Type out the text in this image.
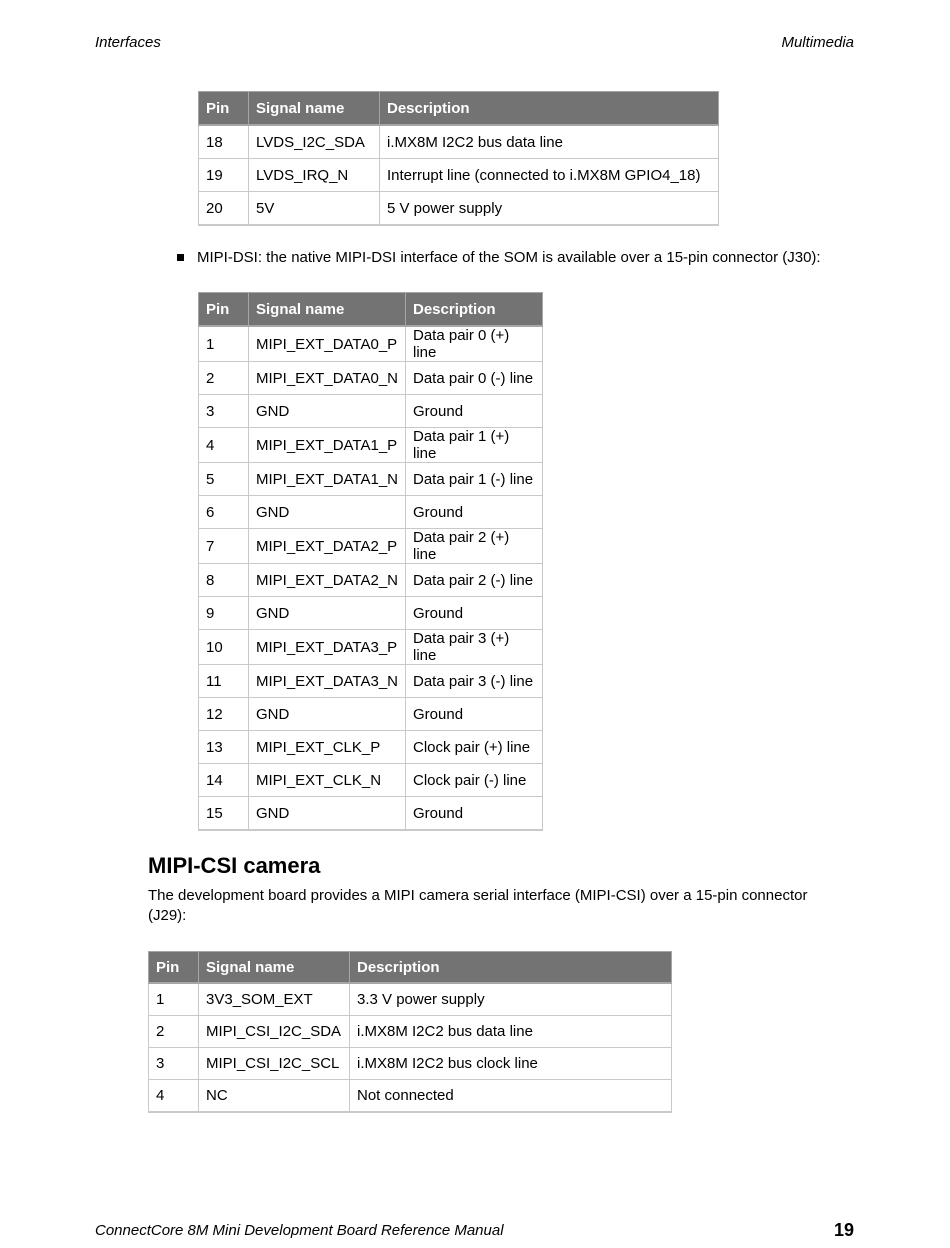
Interfaces	Multimedia
Pin	Signal name	Description
18	LVDS_I2C_SDA	i.MX8M I2C2 bus data line
19	LVDS_IRQ_N	Interrupt line (connected to i.MX8M GPIO4_18)
20	5V	5 V power supply
MIPI-DSI: the native MIPI-DSI interface of the SOM is available over a 15-pin connector (J30):
Pin	Signal name	Description
1	MIPI_EXT_DATA0_P	Data pair 0 (+) line
2	MIPI_EXT_DATA0_N	Data pair 0 (-) line
3	GND	Ground
4	MIPI_EXT_DATA1_P	Data pair 1 (+) line
5	MIPI_EXT_DATA1_N	Data pair 1 (-) line
6	GND	Ground
7	MIPI_EXT_DATA2_P	Data pair 2 (+) line
8	MIPI_EXT_DATA2_N	Data pair 2 (-) line
9	GND	Ground
10	MIPI_EXT_DATA3_P	Data pair 3 (+) line
11	MIPI_EXT_DATA3_N	Data pair 3 (-) line
12	GND	Ground
13	MIPI_EXT_CLK_P	Clock pair (+) line
14	MIPI_EXT_CLK_N	Clock pair (-) line
15	GND	Ground
MIPI-CSI camera

The development board provides a MIPI camera serial interface (MIPI-CSI) over a 15-pin connector (J29):

Pin	Signal name	Description
1	3V3_SOM_EXT	3.3 V power supply
2	MIPI_CSI_I2C_SDA	i.MX8M I2C2 bus data line
3	MIPI_CSI_I2C_SCL	i.MX8M I2C2 bus clock line
4	NC	Not connected
ConnectCore 8M Mini Development Board Reference Manual	19
